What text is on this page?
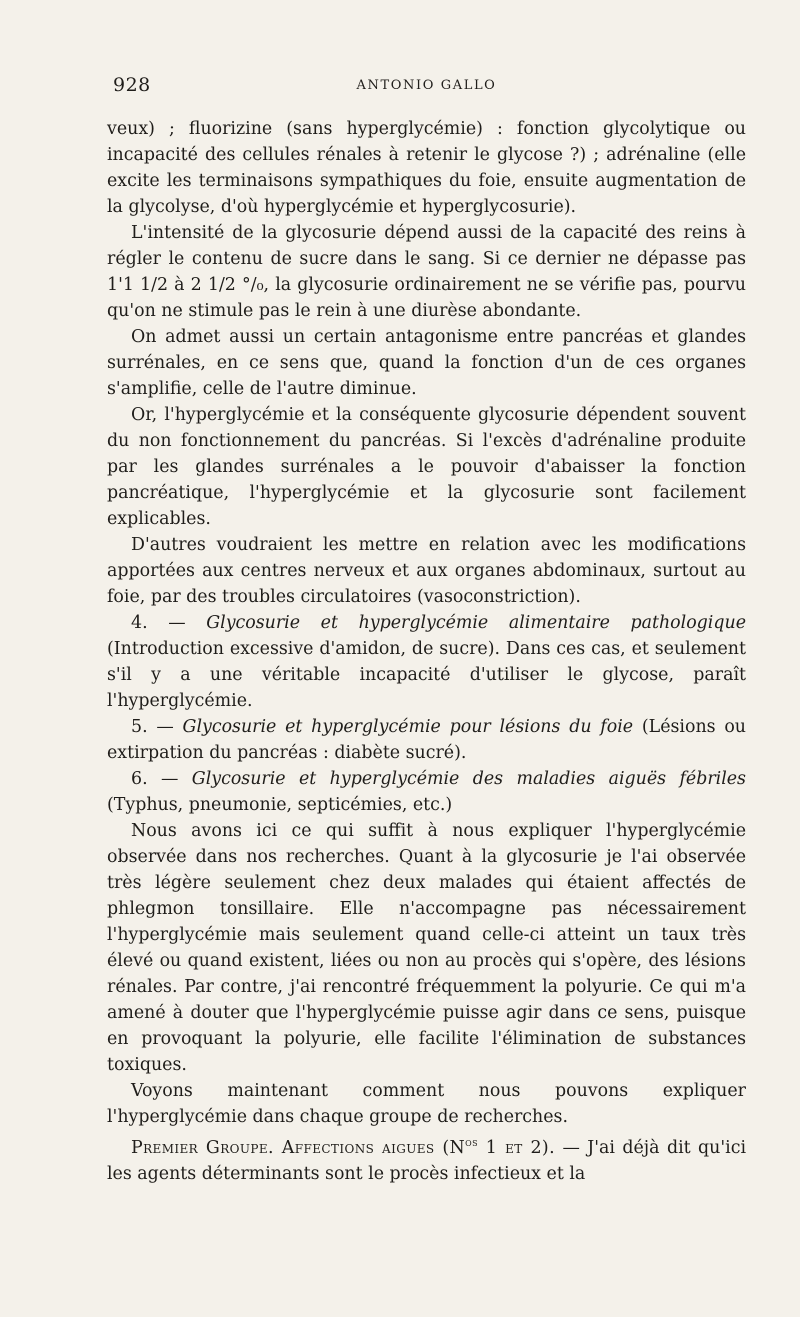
928	ANTONIO GALLO

veux) ; fluorizine (sans hyperglycémie) : fonction glycolytique ou incapacité des cellules rénales à retenir le glycose ?) ; adrénaline (elle excite les terminaisons sympathiques du foie, ensuite augmentation de la glycolyse, d'où hyperglycémie et hyperglycosurie).

L'intensité de la glycosurie dépend aussi de la capacité des reins à régler le contenu de sucre dans le sang. Si ce dernier ne dépasse pas 1'1 1/2 à 2 1/2 °/₀, la glycosurie ordinairement ne se vérifie pas, pourvu qu'on ne stimule pas le rein à une diurèse abondante.

On admet aussi un certain antagonisme entre pancréas et glandes surrénales, en ce sens que, quand la fonction d'un de ces organes s'amplifie, celle de l'autre diminue.

Or, l'hyperglycémie et la conséquente glycosurie dépendent souvent du non fonctionnement du pancréas. Si l'excès d'adrénaline produite par les glandes surrénales a le pouvoir d'abaisser la fonction pancréatique, l'hyperglycémie et la glycosurie sont facilement explicables.

D'autres voudraient les mettre en relation avec les modifications apportées aux centres nerveux et aux organes abdominaux, surtout au foie, par des troubles circulatoires (vasoconstriction).

4. — Glycosurie et hyperglycémie alimentaire pathologique (Introduction excessive d'amidon, de sucre). Dans ces cas, et seulement s'il y a une véritable incapacité d'utiliser le glycose, paraît l'hyperglycémie.

5. — Glycosurie et hyperglycémie pour lésions du foie (Lésions ou extirpation du pancréas : diabète sucré).

6. — Glycosurie et hyperglycémie des maladies aiguës fébriles (Typhus, pneumonie, septicémies, etc.)

Nous avons ici ce qui suffit à nous expliquer l'hyperglycémie observée dans nos recherches. Quant à la glycosurie je l'ai observée très légère seulement chez deux malades qui étaient affectés de phlegmon tonsillaire. Elle n'accompagne pas nécessairement l'hyperglycémie mais seulement quand celle-ci atteint un taux très élevé ou quand existent, liées ou non au procès qui s'opère, des lésions rénales. Par contre, j'ai rencontré fréquemment la polyurie. Ce qui m'a amené à douter que l'hyperglycémie puisse agir dans ce sens, puisque en provoquant la polyurie, elle facilite l'élimination de substances toxiques.

Voyons maintenant comment nous pouvons expliquer l'hyperglycémie dans chaque groupe de recherches.

Premier Groupe. Affections aigues ($N^{os}$ 1 et 2). — J'ai déjà dit qu'ici les agents déterminants sont le procès infectieux et la
